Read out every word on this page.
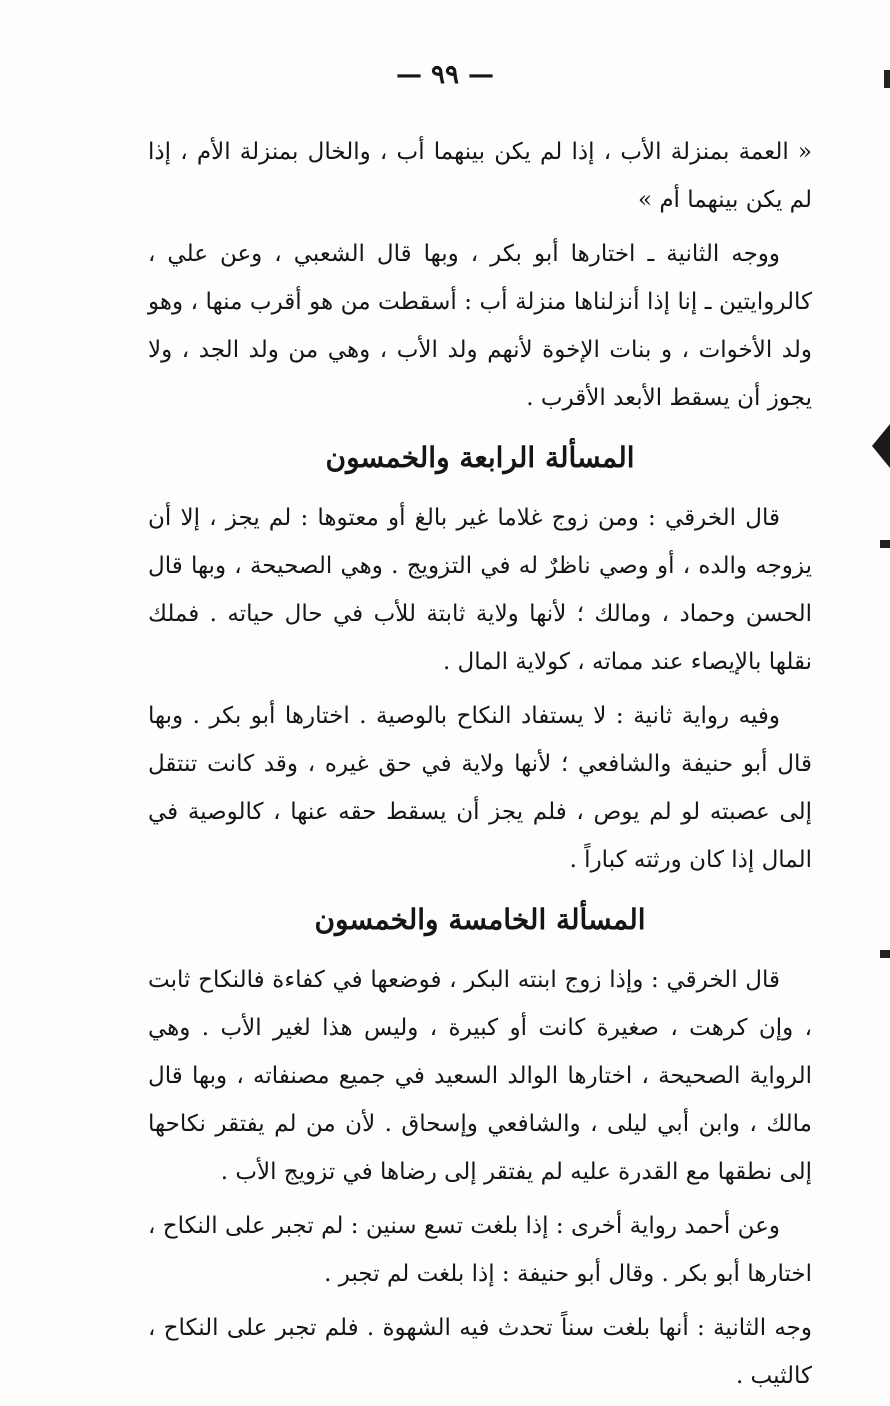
— ٩٩ —

« العمة بمنزلة الأب ، إذا لم يكن بينهما أب ، والخال بمنزلة الأم ، إذا لم يكن بينهما أم »

ووجه الثانية ـ اختارها أبو بكر ، وبها قال الشعبي ، وعن علي ، كالروايتين ـ إنا إذا أنزلناها منزلة أب : أسقطت من هو أقرب منها ، وهو ولد الأخوات ، و بنات الإخوة لأنهم ولد الأب ، وهي من ولد الجد ، ولا يجوز أن يسقط الأبعد الأقرب .

المسألة الرابعة والخمسون

قال الخرقي : ومن زوج غلاما غير بالغ أو معتوها : لم يجز ، إلا أن يزوجه والده ، أو وصي ناظرٌ له في التزويج . وهي الصحيحة ، وبها قال الحسن وحماد ، ومالك ؛ لأنها ولاية ثابتة للأب في حال حياته . فملك نقلها بالإيصاء عند مماته ، كولاية المال .

وفيه رواية ثانية : لا يستفاد النكاح بالوصية . اختارها أبو بكر . وبها قال أبو حنيفة والشافعي ؛ لأنها ولاية في حق غيره ، وقد كانت تنتقل إلى عصبته لو لم يوص ، فلم يجز أن يسقط حقه عنها ، كالوصية في المال إذا كان ورثته كباراً .

المسألة الخامسة والخمسون

قال الخرقي : وإذا زوج ابنته البكر ، فوضعها في كفاءة فالنكاح ثابت ، وإن كرهت ، صغيرة كانت أو كبيرة ، وليس هذا لغير الأب . وهي الرواية الصحيحة ، اختارها الوالد السعيد في جميع مصنفاته ، وبها قال مالك ، وابن أبي ليلى ، والشافعي وإسحاق . لأن من لم يفتقر نكاحها إلى نطقها مع القدرة عليه لم يفتقر إلى رضاها في تزويج الأب .

وعن أحمد رواية أخرى : إذا بلغت تسع سنين : لم تجبر على النكاح ، اختارها أبو بكر . وقال أبو حنيفة : إذا بلغت لم تجبر .

وجه الثانية : أنها بلغت سناً تحدث فيه الشهوة . فلم تجبر على النكاح ، كالثيب .
